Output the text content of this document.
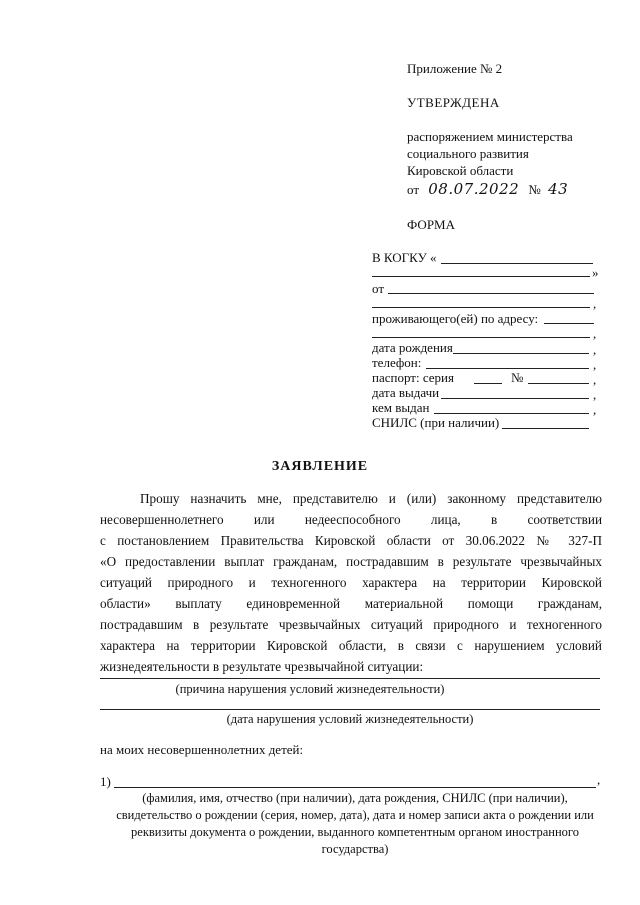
Приложение № 2
УТВЕРЖДЕНА
распоряжением министерства
социального развития
Кировской области
от 08.07.2022 № 43
ФОРМА
В КОГКУ «
»
от
,
проживающего(ей) по адресу:
,
дата рождения	,
телефон:	,
паспорт: серия	№	,
дата выдачи	,
кем выдан	,
СНИЛС (при наличии)
ЗАЯВЛЕНИЕ
Прошу назначить мне, представителю и (или) законному представителю
несовершеннолетнего или недееспособного лица, в соответствии
с постановлением Правительства Кировской области от 30.06.2022 № 327-П
«О предоставлении выплат гражданам, пострадавшим в результате чрезвычайных
ситуаций природного и техногенного характера на территории Кировской
области» выплату единовременной материальной помощи гражданам,
пострадавшим в результате чрезвычайных ситуаций природного и техногенного
характера на территории Кировской области, в связи с нарушением условий
жизнедеятельности в результате чрезвычайной ситуации:
(причина нарушения условий жизнедеятельности)
(дата нарушения условий жизнедеятельности)
на моих несовершеннолетних детей:
1)	,
(фамилия, имя, отчество (при наличии), дата рождения, СНИЛС (при наличии),
свидетельство о рождении (серия, номер, дата), дата и номер записи акта о рождении или
реквизиты документа о рождении, выданного компетентным органом иностранного
государства)
